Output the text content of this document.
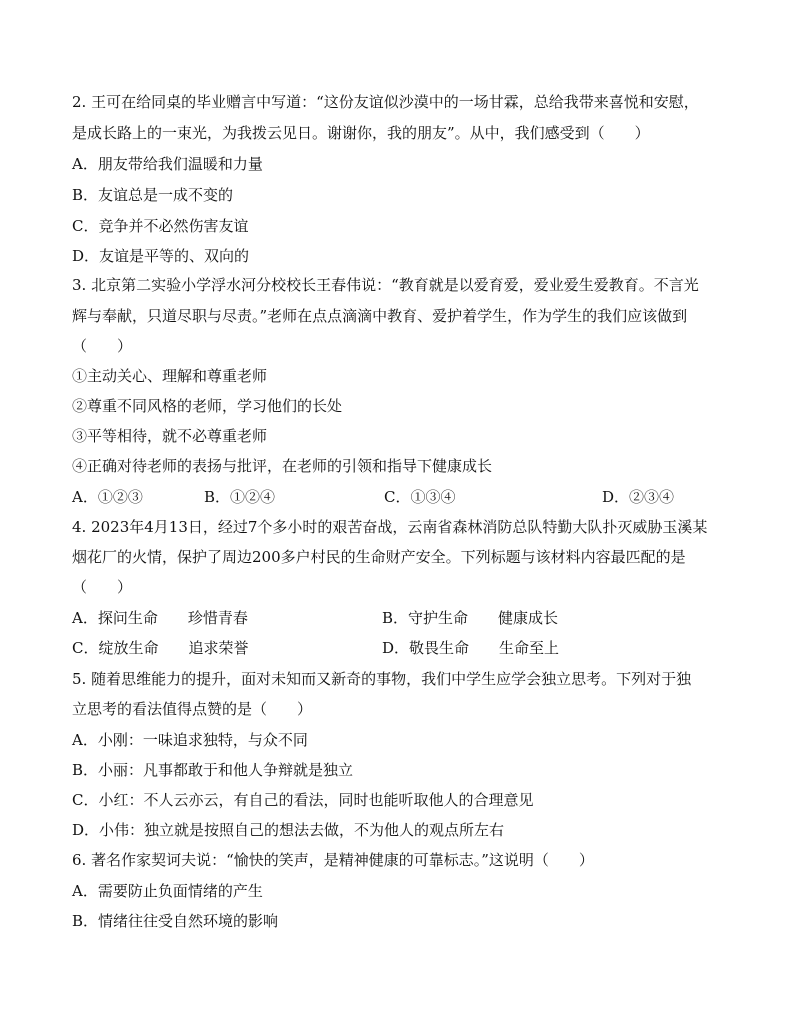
2. 王可在给同桌的毕业赠言中写道：“这份友谊似沙漠中的一场甘霖，总给我带来喜悦和安慰，
是成长路上的一束光，为我拨云见日。谢谢你，我的朋友”。从中，我们感受到（　　）
A．朋友带给我们温暖和力量
B．友谊总是一成不变的
C．竞争并不必然伤害友谊
D．友谊是平等的、双向的
3. 北京第二实验小学浮水河分校校长王春伟说：“教育就是以爱育爱，爱业爱生爱教育。不言光
辉与奉献，只道尽职与尽责。”老师在点点滴滴中教育、爱护着学生，作为学生的我们应该做到
（　　）
①主动关心、理解和尊重老师
②尊重不同风格的老师，学习他们的长处
③平等相待，就不必尊重老师
④正确对待老师的表扬与批评，在老师的引领和指导下健康成长
A．①②③	B．①②④	C．①③④	D．②③④
4. 2023年4月13日，经过7个多小时的艰苦奋战，云南省森林消防总队特勤大队扑灭威胁玉溪某
烟花厂的火情，保护了周边200多户村民的生命财产安全。下列标题与该材料内容最匹配的是
（　　）
A．探问生命　　珍惜青春	B．守护生命　　健康成长
C．绽放生命　　追求荣誉	D．敬畏生命　　生命至上
5. 随着思维能力的提升，面对未知而又新奇的事物，我们中学生应学会独立思考。下列对于独
立思考的看法值得点赞的是（　　）
A．小刚：一味追求独特，与众不同
B．小丽：凡事都敢于和他人争辩就是独立
C．小红：不人云亦云，有自己的看法，同时也能听取他人的合理意见
D．小伟：独立就是按照自己的想法去做，不为他人的观点所左右
6. 著名作家契诃夫说：“愉快的笑声，是精神健康的可靠标志。”这说明（　　）
A．需要防止负面情绪的产生
B．情绪往往受自然环境的影响
